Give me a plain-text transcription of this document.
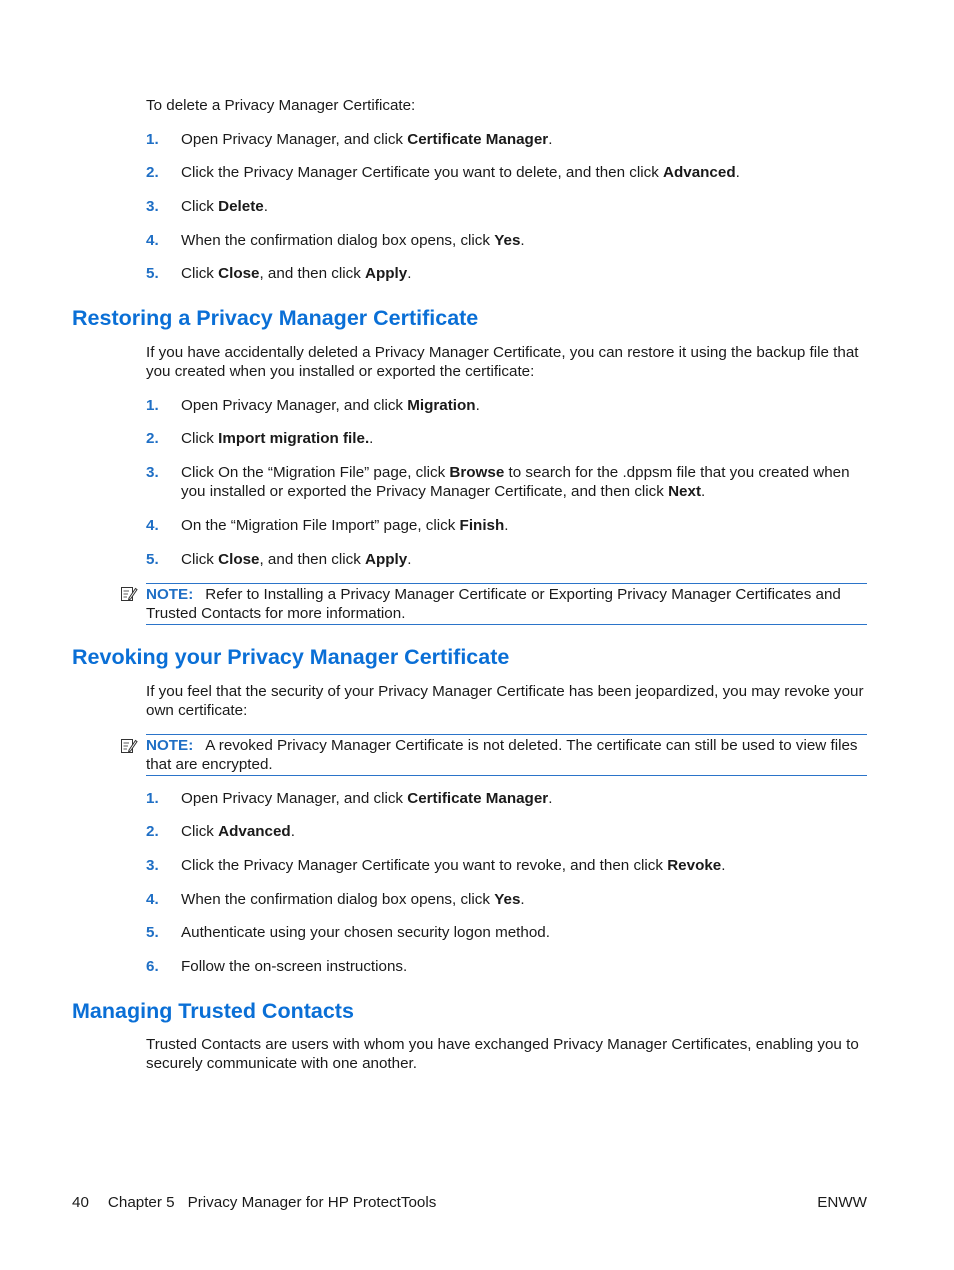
To delete a Privacy Manager Certificate:
1. Open Privacy Manager, and click Certificate Manager.
2. Click the Privacy Manager Certificate you want to delete, and then click Advanced.
3. Click Delete.
4. When the confirmation dialog box opens, click Yes.
5. Click Close, and then click Apply.
Restoring a Privacy Manager Certificate
If you have accidentally deleted a Privacy Manager Certificate, you can restore it using the backup file that you created when you installed or exported the certificate:
1. Open Privacy Manager, and click Migration.
2. Click Import migration file..
3. Click On the “Migration File” page, click Browse to search for the .dppsm file that you created when you installed or exported the Privacy Manager Certificate, and then click Next.
4. On the “Migration File Import” page, click Finish.
5. Click Close, and then click Apply.
NOTE: Refer to Installing a Privacy Manager Certificate or Exporting Privacy Manager Certificates and Trusted Contacts for more information.
Revoking your Privacy Manager Certificate
If you feel that the security of your Privacy Manager Certificate has been jeopardized, you may revoke your own certificate:
NOTE: A revoked Privacy Manager Certificate is not deleted. The certificate can still be used to view files that are encrypted.
1. Open Privacy Manager, and click Certificate Manager.
2. Click Advanced.
3. Click the Privacy Manager Certificate you want to revoke, and then click Revoke.
4. When the confirmation dialog box opens, click Yes.
5. Authenticate using your chosen security logon method.
6. Follow the on-screen instructions.
Managing Trusted Contacts
Trusted Contacts are users with whom you have exchanged Privacy Manager Certificates, enabling you to securely communicate with one another.
40 Chapter 5 Privacy Manager for HP ProtectTools	ENWW
